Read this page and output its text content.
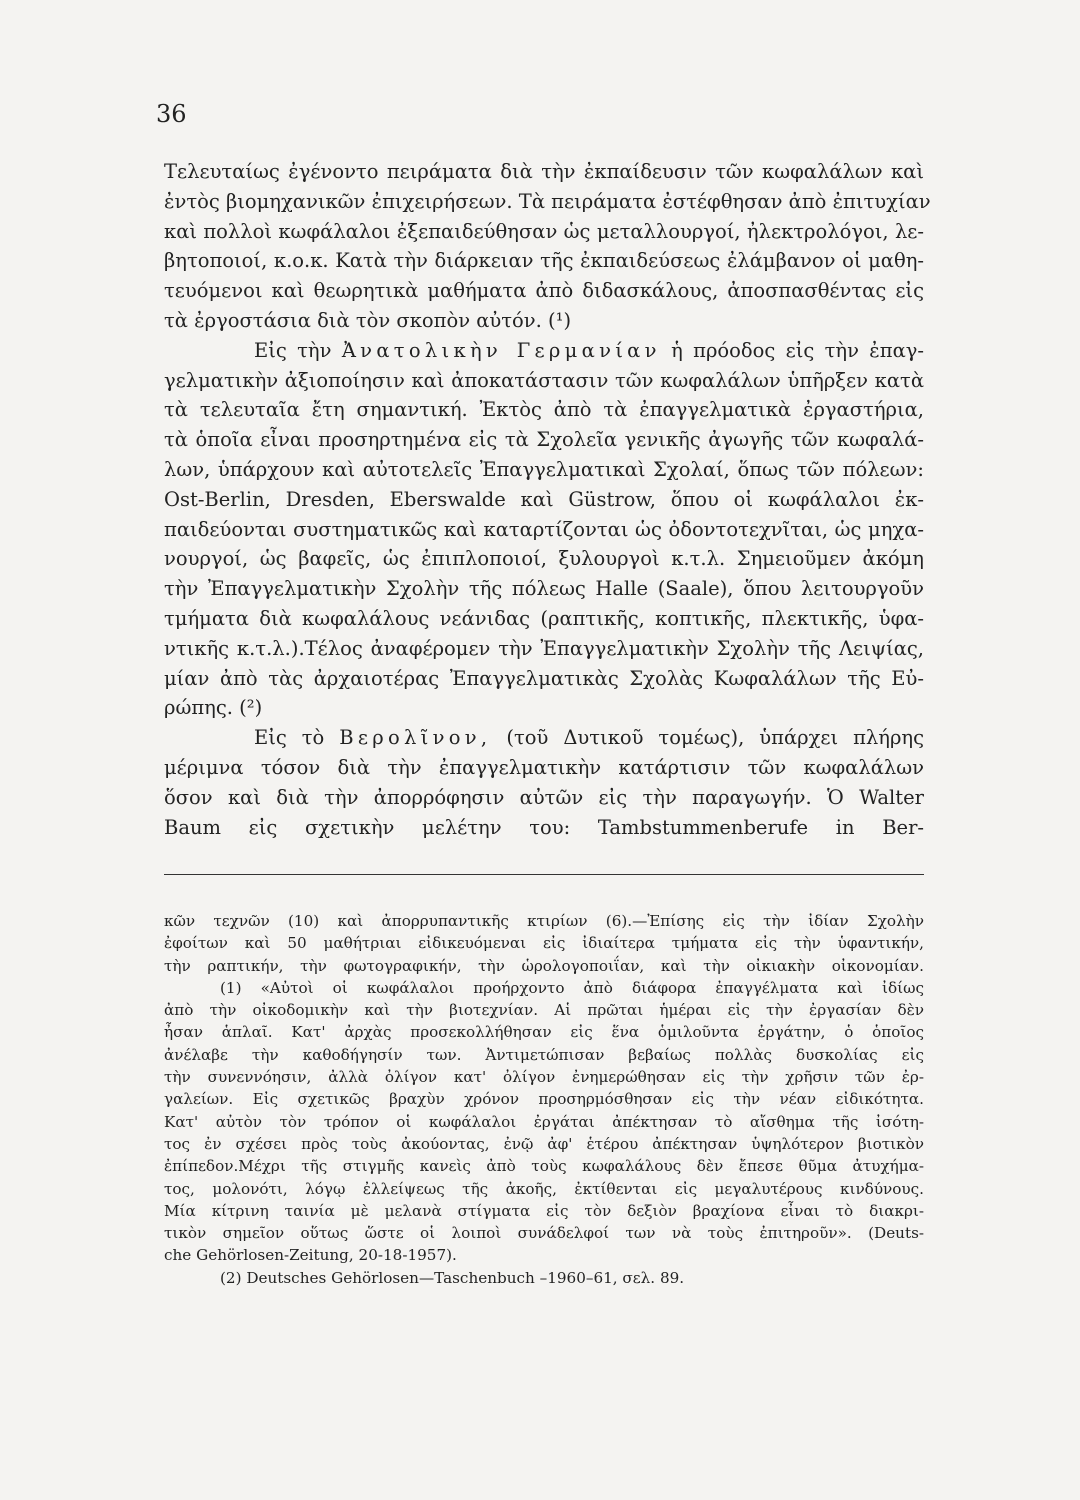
36
Τελευταίως ἐγένοντο πειράματα διὰ τὴν ἐκπαίδευσιν τῶν κωφαλάλων καὶ
ἐντὸς βιομηχανικῶν ἐπιχειρήσεων. Τὰ πειράματα ἐστέφθησαν ἀπὸ ἐπιτυχίαν
καὶ πολλοὶ κωφάλαλοι ἐξεπαιδεύθησαν ὡς μεταλλουργοί, ἠλεκτρολόγοι, λε-
βητοποιοί, κ.ο.κ. Κατὰ τὴν διάρκειαν τῆς ἐκπαιδεύσεως ἐλάμβανον οἱ μαθη-
τευόμενοι καὶ θεωρητικὰ μαθήματα ἀπὸ διδασκάλους, ἀποσπασθέντας εἰς
τὰ ἐργοστάσια διὰ τὸν σκοπὸν αὐτόν. (¹)
Εἰς τὴν Ἀνατολικὴν Γερμανίαν ἡ πρόοδος εἰς τὴν ἐπαγ-
γελματικὴν ἀξιοποίησιν καὶ ἀποκατάστασιν τῶν κωφαλάλων ὑπῆρξεν κατὰ
τὰ τελευταῖα ἔτη σημαντική. Ἐκτὸς ἀπὸ τὰ ἐπαγγελματικὰ ἐργαστήρια,
τὰ ὁποῖα εἶναι προσηρτημένα εἰς τὰ Σχολεῖα γενικῆς ἀγωγῆς τῶν κωφαλά-
λων, ὑπάρχουν καὶ αὐτοτελεῖς Ἐπαγγελματικαὶ Σχολαί, ὅπως τῶν πόλεων:
Ost-Berlin, Dresden, Eberswalde καὶ Güstrow, ὅπου οἱ κωφάλαλοι ἐκ-
παιδεύονται συστηματικῶς καὶ καταρτίζονται ὡς ὀδοντοτεχνῖται, ὡς μηχα-
νουργοί, ὡς βαφεῖς, ὡς ἐπιπλοποιοί, ξυλουργοὶ κ.τ.λ. Σημειοῦμεν ἀκόμη
τὴν Ἐπαγγελματικὴν Σχολὴν τῆς πόλεως Halle (Saale), ὅπου λειτουργοῦν
τμήματα διὰ κωφαλάλους νεάνιδας (ραπτικῆς, κοπτικῆς, πλεκτικῆς, ὑφα-
ντικῆς κ.τ.λ.).Τέλος ἀναφέρομεν τὴν Ἐπαγγελματικὴν Σχολὴν τῆς Λειψίας,
μίαν ἀπὸ τὰς ἀρχαιοτέρας Ἐπαγγελματικὰς Σχολὰς Κωφαλάλων τῆς Εὐ-
ρώπης. (²)
Εἰς τὸ Βερολῖνον, (τοῦ Δυτικοῦ τομέως), ὑπάρχει πλήρης
μέριμνα τόσον διὰ τὴν ἐπαγγελματικὴν κατάρτισιν τῶν κωφαλάλων
ὅσον καὶ διὰ τὴν ἀπορρόφησιν αὐτῶν εἰς τὴν παραγωγήν. Ὁ Walter
Baum εἰς σχετικὴν μελέτην του: Tambstummenberufe in Ber-
κῶν τεχνῶν (10) καὶ ἀπορρυπαντικῆς κτιρίων (6).—Ἐπίσης εἰς τὴν ἰδίαν Σχολὴν
ἐφοίτων καὶ 50 μαθήτριαι εἰδικευόμεναι εἰς ἰδιαίτερα τμήματα εἰς τὴν ὑφαντικήν,
τὴν ραπτικήν, τὴν φωτογραφικήν, τὴν ὡρολογοποιΐαν, καὶ τὴν οἰκιακὴν οἰκονομίαν.
(1) «Αὐτοὶ οἱ κωφάλαλοι προήρχοντο ἀπὸ διάφορα ἐπαγγέλματα καὶ ἰδίως
ἀπὸ τὴν οἰκοδομικὴν καὶ τὴν βιοτεχνίαν. Αἱ πρῶται ἡμέραι εἰς τὴν ἐργασίαν δὲν
ἦσαν ἁπλαῖ. Κατ' ἀρχὰς προσεκολλήθησαν εἰς ἕνα ὁμιλοῦντα ἐργάτην, ὁ ὁποῖος
ἀνέλαβε τὴν καθοδήγησίν των. Ἀντιμετώπισαν βεβαίως πολλὰς δυσκολίας εἰς
τὴν συνεννόησιν, ἀλλὰ ὀλίγον κατ' ὀλίγον ἐνημερώθησαν εἰς τὴν χρῆσιν τῶν ἐρ-
γαλείων. Εἰς σχετικῶς βραχὺν χρόνον προσηρμόσθησαν εἰς τὴν νέαν εἰδικότητα.
Κατ' αὐτὸν τὸν τρόπον οἱ κωφάλαλοι ἐργάται ἀπέκτησαν τὸ αἴσθημα τῆς ἰσότη-
τος ἐν σχέσει πρὸς τοὺς ἀκούοντας, ἐνῷ ἀφ' ἑτέρου ἀπέκτησαν ὑψηλότερον βιοτικὸν
ἐπίπεδον.Μέχρι τῆς στιγμῆς κανεὶς ἀπὸ τοὺς κωφαλάλους δὲν ἔπεσε θῦμα ἀτυχήμα-
τος, μολονότι, λόγῳ ἐλλείψεως τῆς ἀκοῆς, ἐκτίθενται εἰς μεγαλυτέρους κινδύνους.
Μία κίτρινη ταινία μὲ μελανὰ στίγματα εἰς τὸν δεξιὸν βραχίονα εἶναι τὸ διακρι-
τικὸν σημεῖον οὕτως ὥστε οἱ λοιποὶ συνάδελφοί των νὰ τοὺς ἐπιτηροῦν». (Deuts-
che Gehörlosen-Zeitung, 20-18-1957).
(2) Deutsches Gehörlosen—Taschenbuch –1960–61, σελ. 89.
